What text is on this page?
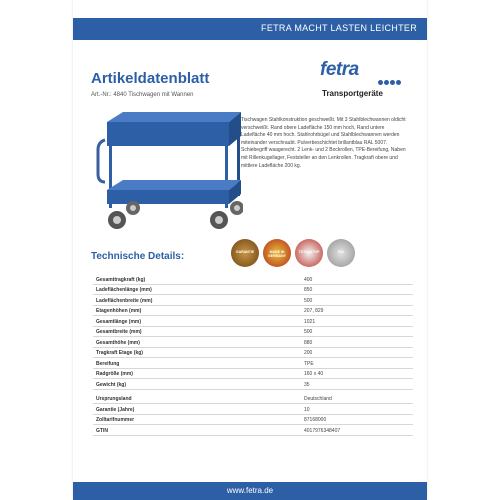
FETRA MACHT LASTEN LEICHTER
Artikeldatenblatt
Art.-Nr.: 4840 Tischwagen mit Wannen
fetra
Transportgeräte
Tischwagen Stahlkonstruktion geschweißt. Mit 3 Stahlblechwannen oldicht verschweißt. Rand obere Ladefläche 150 mm hoch, Rand untere Ladefläche 40 mm hoch. Stahlrohrbügel und Stahlblechwannen werden miteinander verschraubt. Pulverbeschichtet brillantblau RAL 5007. Schiebegriff waagerecht. 2 Lenk- und 2 Bockrollen, TPE-Bereifung, Naben mit Rillenkugellager, Feststeller an den Lenkrollen. Tragkraft obere und mittlere Ladefläche 200 kg.
Technische Details:	GARANTIE	MADE IN GERMANY
TOTALSTOP	RIX
Gesamttragkraft (kg)	400
Ladeflächenlänge (mm)	850
Ladeflächenbreite (mm)	500
Etagenhöhen (mm)	207, 829
Gesamtlänge (mm)	1021
Gesamtbreite (mm)	500
Gesamthöhe (mm)	880
Tragkraft Etage (kg)	200
Bereifung	TPE
Radgröße (mm)	160 x 40
Gewicht (kg)	35
Ursprungsland	Deutschland
Garantie (Jahre)	10
Zolltarifnummer	87168000
GTIN	4017976348407
www.fetra.de
